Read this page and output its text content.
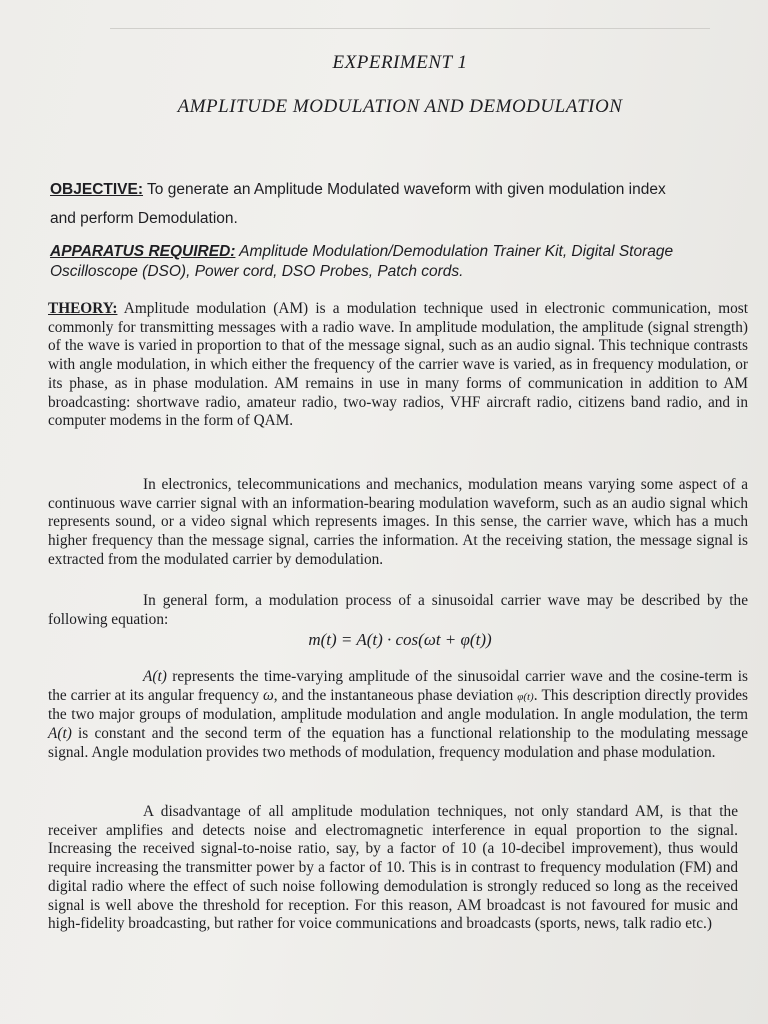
EXPERIMENT 1
AMPLITUDE MODULATION AND DEMODULATION
OBJECTIVE: To generate an Amplitude Modulated waveform with given modulation index
and perform Demodulation.
APPARATUS REQUIRED: Amplitude Modulation/Demodulation Trainer Kit, Digital Storage Oscilloscope (DSO), Power cord, DSO Probes, Patch cords.

THEORY: Amplitude modulation (AM) is a modulation technique used in electronic communication, most commonly for transmitting messages with a radio wave. In amplitude modulation, the amplitude (signal strength) of the wave is varied in proportion to that of the message signal, such as an audio signal. This technique contrasts with angle modulation, in which either the frequency of the carrier wave is varied, as in frequency modulation, or its phase, as in phase modulation. AM remains in use in many forms of communication in addition to AM broadcasting: shortwave radio, amateur radio, two-way radios, VHF aircraft radio, citizens band radio, and in computer modems in the form of QAM.

In electronics, telecommunications and mechanics, modulation means varying some aspect of a continuous wave carrier signal with an information-bearing modulation waveform, such as an audio signal which represents sound, or a video signal which represents images. In this sense, the carrier wave, which has a much higher frequency than the message signal, carries the information. At the receiving station, the message signal is extracted from the modulated carrier by demodulation.

In general form, a modulation process of a sinusoidal carrier wave may be described by the following equation:

m(t) = A(t) · cos(ωt + φ(t))

A(t) represents the time-varying amplitude of the sinusoidal carrier wave and the cosine-term is the carrier at its angular frequency ω, and the instantaneous phase deviation φ(t). This description directly provides the two major groups of modulation, amplitude modulation and angle modulation. In angle modulation, the term A(t) is constant and the second term of the equation has a functional relationship to the modulating message signal. Angle modulation provides two methods of modulation, frequency modulation and phase modulation.

A disadvantage of all amplitude modulation techniques, not only standard AM, is that the receiver amplifies and detects noise and electromagnetic interference in equal proportion to the signal. Increasing the received signal-to-noise ratio, say, by a factor of 10 (a 10-decibel improvement), thus would require increasing the transmitter power by a factor of 10. This is in contrast to frequency modulation (FM) and digital radio where the effect of such noise following demodulation is strongly reduced so long as the received signal is well above the threshold for reception. For this reason, AM broadcast is not favoured for music and high-fidelity broadcasting, but rather for voice communications and broadcasts (sports, news, talk radio etc.)
